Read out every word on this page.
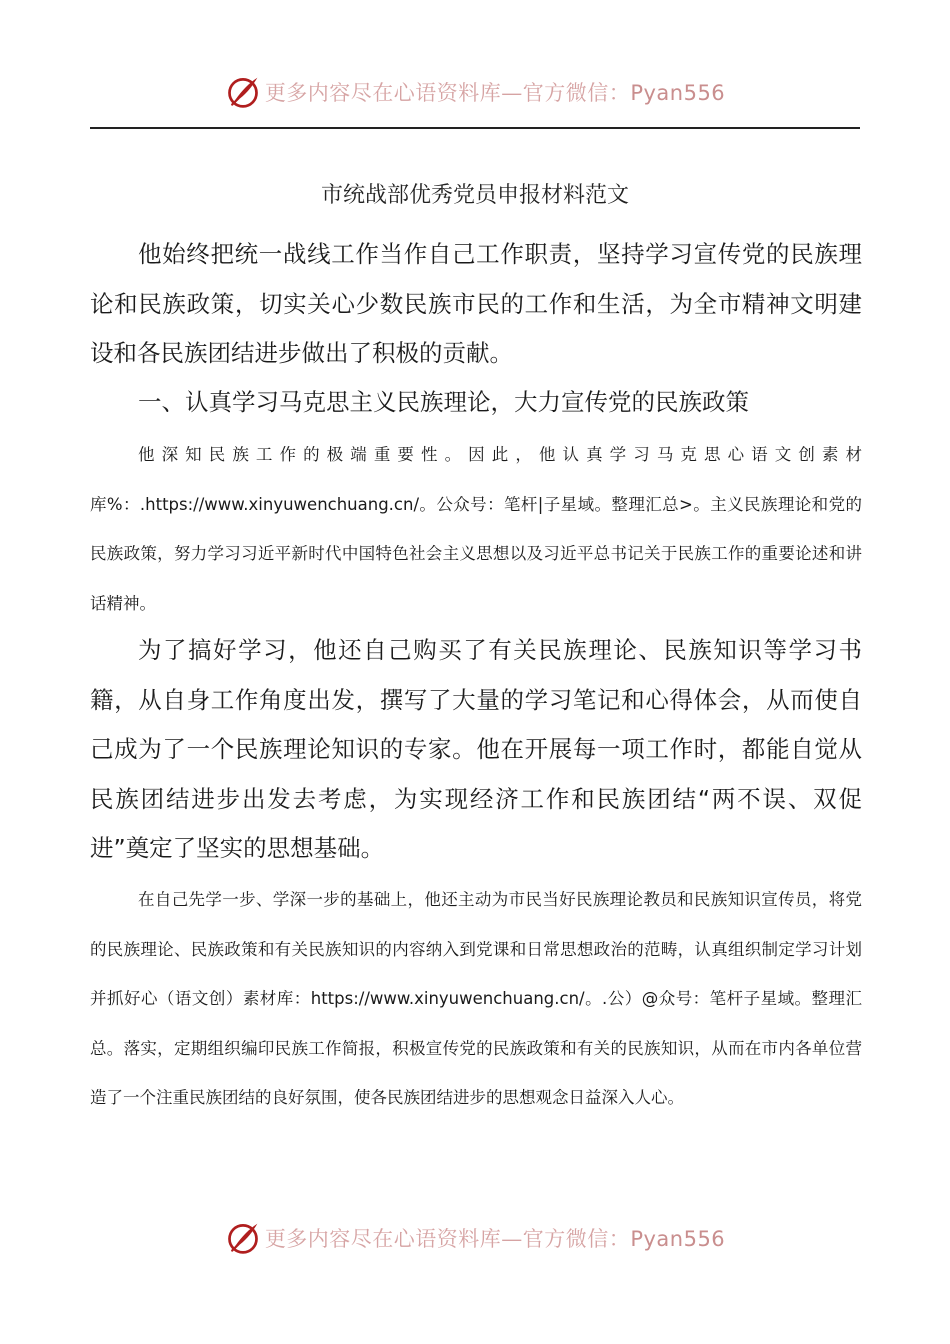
更多内容尽在心语资料库—官方微信：Pyan556
市统战部优秀党员申报材料范文

他始终把统一战线工作当作自己工作职责，坚持学习宣传党的民族理论和民族政策，切实关心少数民族市民的工作和生活，为全市精神文明建设和各民族团结进步做出了积极的贡献。

一、认真学习马克思主义民族理论，大力宣传党的民族政策

他深知民族工作的极端重要性。因此，他认真学习马克思心语文创素材库%：.https://www.xinyuwenchuang.cn/。公众号：笔杆|子星域。整理汇总>。主义民族理论和党的民族政策，努力学习习近平新时代中国特色社会主义思想以及习近平总书记关于民族工作的重要论述和讲话精神。

为了搞好学习，他还自己购买了有关民族理论、民族知识等学习书籍，从自身工作角度出发，撰写了大量的学习笔记和心得体会，从而使自己成为了一个民族理论知识的专家。他在开展每一项工作时，都能自觉从民族团结进步出发去考虑，为实现经济工作和民族团结“两不误、双促进”奠定了坚实的思想基础。

在自己先学一步、学深一步的基础上，他还主动为市民当好民族理论教员和民族知识宣传员，将党的民族理论、民族政策和有关民族知识的内容纳入到党课和日常思想政治的范畴，认真组织制定学习计划并抓好心（语文创）素材库：https://www.xinyuwenchuang.cn/。.公）@众号：笔杆子星域。整理汇总。落实，定期组织编印民族工作简报，积极宣传党的民族政策和有关的民族知识，从而在市内各单位营造了一个注重民族团结的良好氛围，使各民族团结进步的思想观念日益深入人心。

更多内容尽在心语资料库—官方微信：Pyan556
